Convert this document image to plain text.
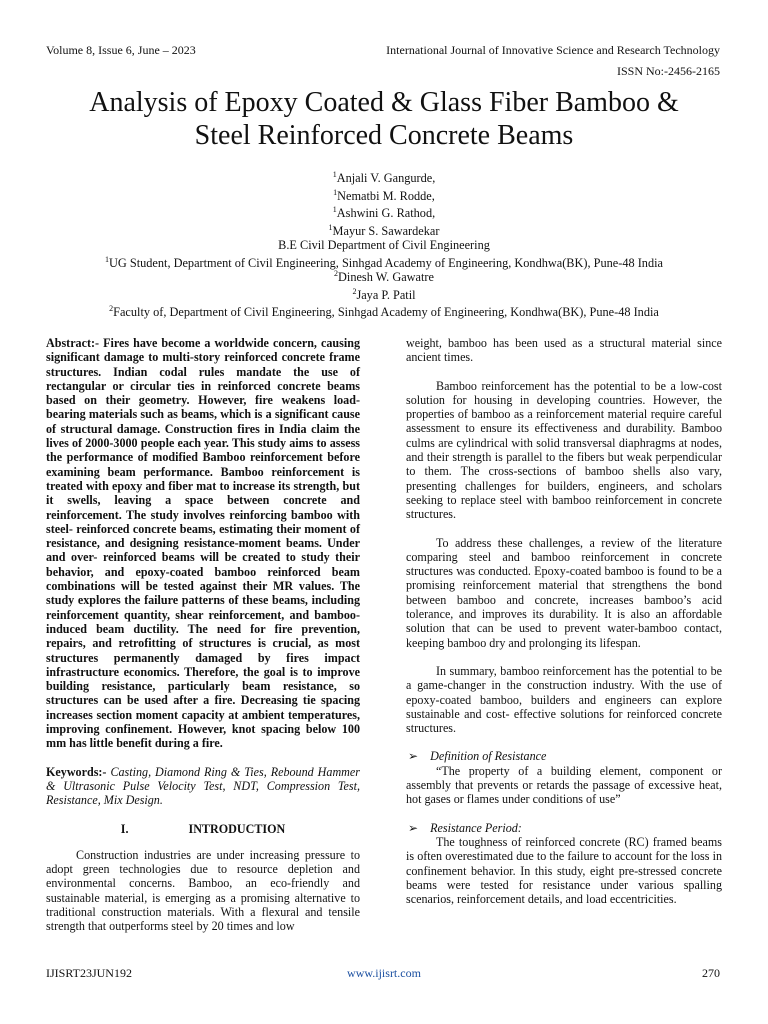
Volume 8, Issue 6, June – 2023	International Journal of Innovative Science and Research Technology
ISSN No:-2456-2165
Analysis of Epoxy Coated & Glass Fiber Bamboo &
Steel Reinforced Concrete Beams
$^1$Anjali V. Gangurde,
$^1$Nematbi M. Rodde,
$^1$Ashwini G. Rathod,
$^1$Mayur S. Sawardekar
B.E Civil Department of Civil Engineering
$^1$UG Student, Department of Civil Engineering, Sinhgad Academy of Engineering, Kondhwa(BK), Pune-48 India
$^2$Dinesh W. Gawatre
$^2$Jaya P. Patil
$^2$Faculty of, Department of Civil Engineering, Sinhgad Academy of Engineering, Kondhwa(BK), Pune-48 India

Abstract:- Fires have become a worldwide concern, causing significant damage to multi-story reinforced concrete frame structures. Indian codal rules mandate the use of rectangular or circular ties in reinforced concrete beams based on their geometry. However, fire weakens load-bearing materials such as beams, which is a significant cause of structural damage. Construction fires in India claim the lives of 2000-3000 people each year. This study aims to assess the performance of modified Bamboo reinforcement before examining beam performance. Bamboo reinforcement is treated with epoxy and fiber mat to increase its strength, but it swells, leaving a space between concrete and reinforcement. The study involves reinforcing bamboo with steel- reinforced concrete beams, estimating their moment of resistance, and designing resistance-moment beams. Under and over- reinforced beams will be created to study their behavior, and epoxy-coated bamboo reinforced beam combinations will be tested against their MR values. The study explores the failure patterns of these beams, including reinforcement quantity, shear reinforcement, and bamboo-induced beam ductility. The need for fire prevention, repairs, and retrofitting of structures is crucial, as most structures permanently damaged by fires impact infrastructure economics. Therefore, the goal is to improve building resistance, particularly beam resistance, so structures can be used after a fire. Decreasing tie spacing increases section moment capacity at ambient temperatures, improving confinement. However, knot spacing below 100 mm has little benefit during a fire.

Keywords:- Casting, Diamond Ring & Ties, Rebound Hammer & Ultrasonic Pulse Velocity Test, NDT, Compression Test, Resistance, Mix Design.

I.	INTRODUCTION

Construction industries are under increasing pressure to adopt green technologies due to resource depletion and environmental concerns. Bamboo, an eco-friendly and sustainable material, is emerging as a promising alternative to traditional construction materials. With a flexural and tensile strength that outperforms steel by 20 times and low

weight, bamboo has been used as a structural material since ancient times.

Bamboo reinforcement has the potential to be a low-cost solution for housing in developing countries. However, the properties of bamboo as a reinforcement material require careful assessment to ensure its effectiveness and durability. Bamboo culms are cylindrical with solid transversal diaphragms at nodes, and their strength is parallel to the fibers but weak perpendicular to them. The cross-sections of bamboo shells also vary, presenting challenges for builders, engineers, and scholars seeking to replace steel with bamboo reinforcement in concrete structures.

To address these challenges, a review of the literature comparing steel and bamboo reinforcement in concrete structures was conducted. Epoxy-coated bamboo is found to be a promising reinforcement material that strengthens the bond between bamboo and concrete, increases bamboo’s acid tolerance, and improves its durability. It is also an affordable solution that can be used to prevent water-bamboo contact, keeping bamboo dry and prolonging its lifespan.

In summary, bamboo reinforcement has the potential to be a game-changer in the construction industry. With the use of epoxy-coated bamboo, builders and engineers can explore sustainable and cost- effective solutions for reinforced concrete structures.

➢ Definition of Resistance

“The property of a building element, component or assembly that prevents or retards the passage of excessive heat, hot gases or flames under conditions of use”

➢ Resistance Period:

The toughness of reinforced concrete (RC) framed beams is often overestimated due to the failure to account for the loss in confinement behavior. In this study, eight pre-stressed concrete beams were tested for resistance under various spalling scenarios, reinforcement details, and load eccentricities.

IJISRT23JUN192	www.ijisrt.com	270
